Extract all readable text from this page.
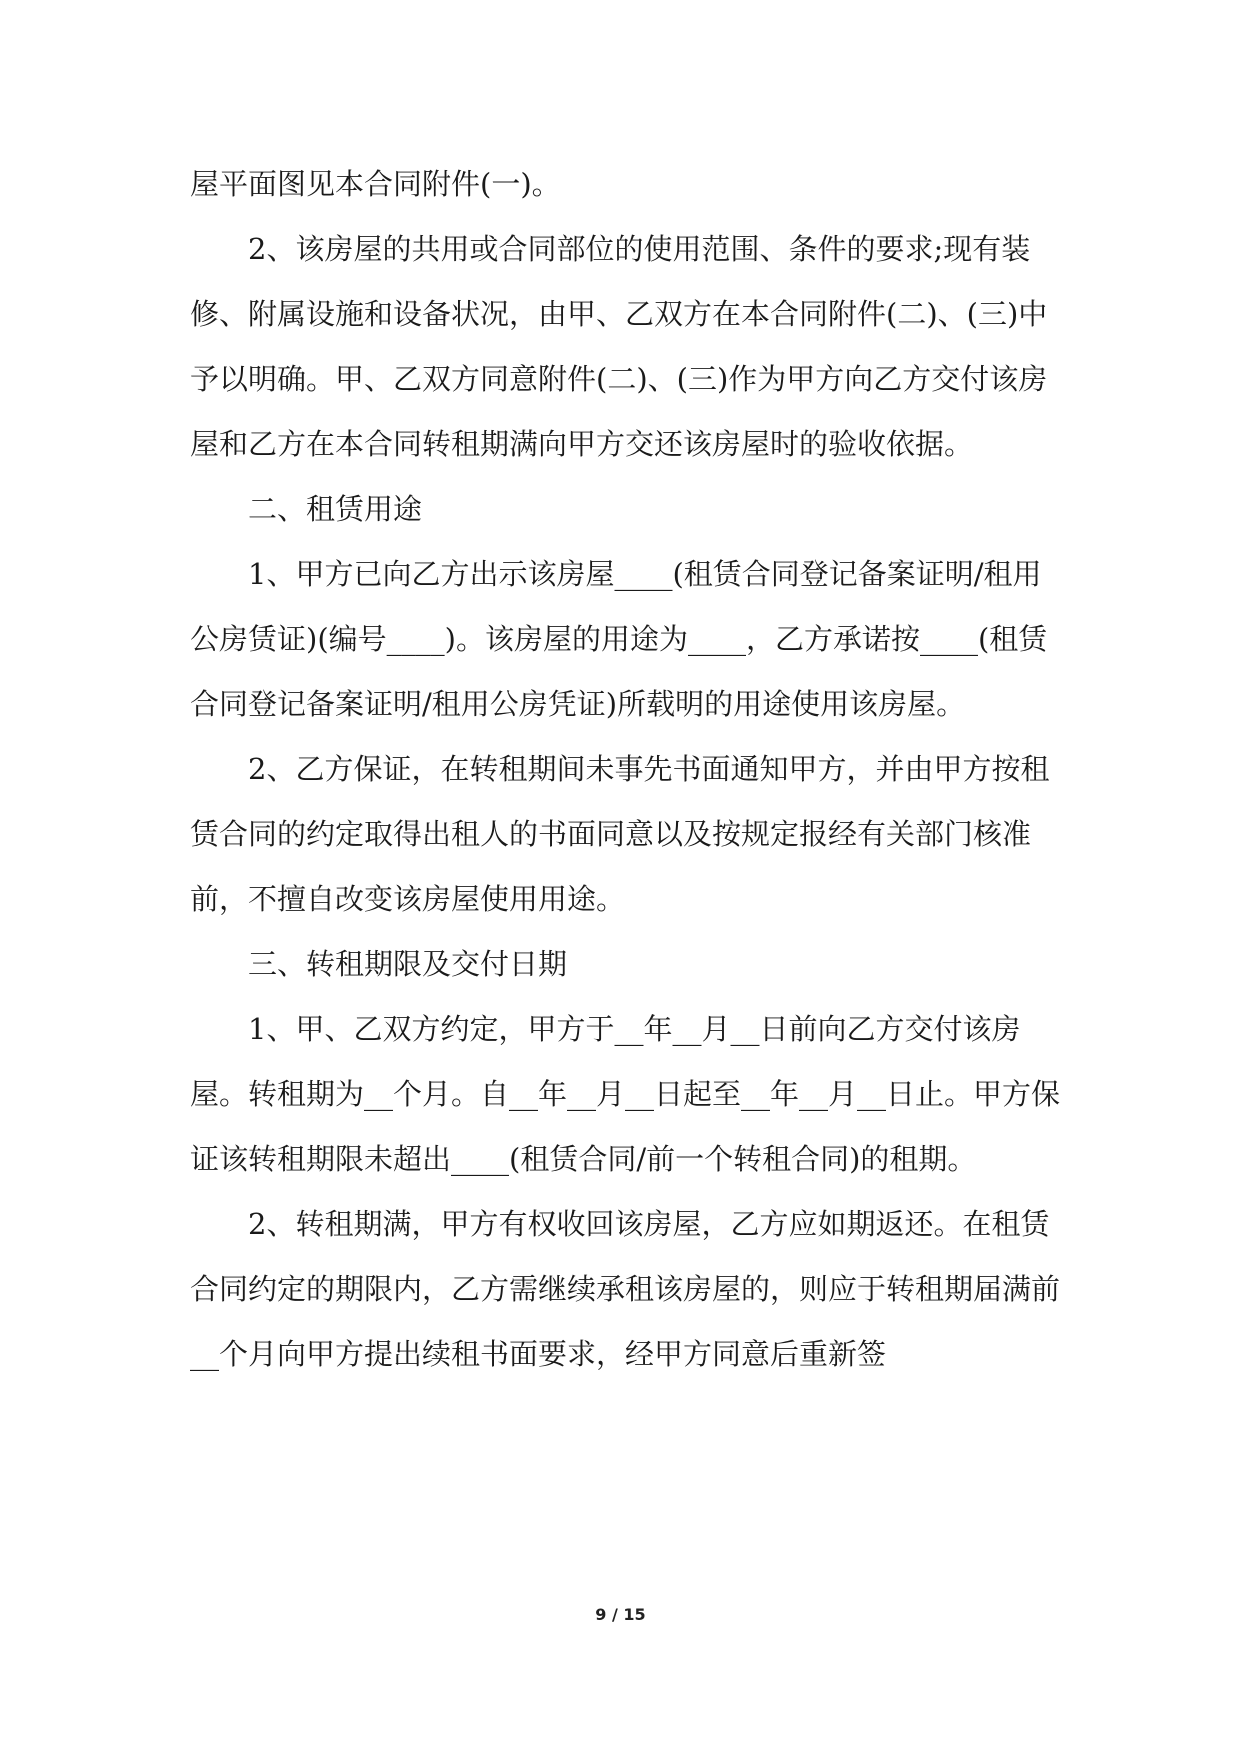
屋平面图见本合同附件(一)。

2、该房屋的共用或合同部位的使用范围、条件的要求;现有装修、附属设施和设备状况，由甲、乙双方在本合同附件(二)、(三)中予以明确。甲、乙双方同意附件(二)、(三)作为甲方向乙方交付该房屋和乙方在本合同转租期满向甲方交还该房屋时的验收依据。

二、租赁用途

1、甲方已向乙方出示该房屋____(租赁合同登记备案证明/租用公房赁证)(编号____)。该房屋的用途为____，乙方承诺按____(租赁合同登记备案证明/租用公房凭证)所载明的用途使用该房屋。

2、乙方保证，在转租期间未事先书面通知甲方，并由甲方按租赁合同的约定取得出租人的书面同意以及按规定报经有关部门核准前，不擅自改变该房屋使用用途。

三、转租期限及交付日期

1、甲、乙双方约定，甲方于__年__月__日前向乙方交付该房屋。转租期为__个月。自__年__月__日起至__年__月__日止。甲方保证该转租期限未超出____(租赁合同/前一个转租合同)的租期。

2、转租期满，甲方有权收回该房屋，乙方应如期返还。在租赁合同约定的期限内，乙方需继续承租该房屋的，则应于转租期届满前__个月向甲方提出续租书面要求，经甲方同意后重新签

9 / 15
